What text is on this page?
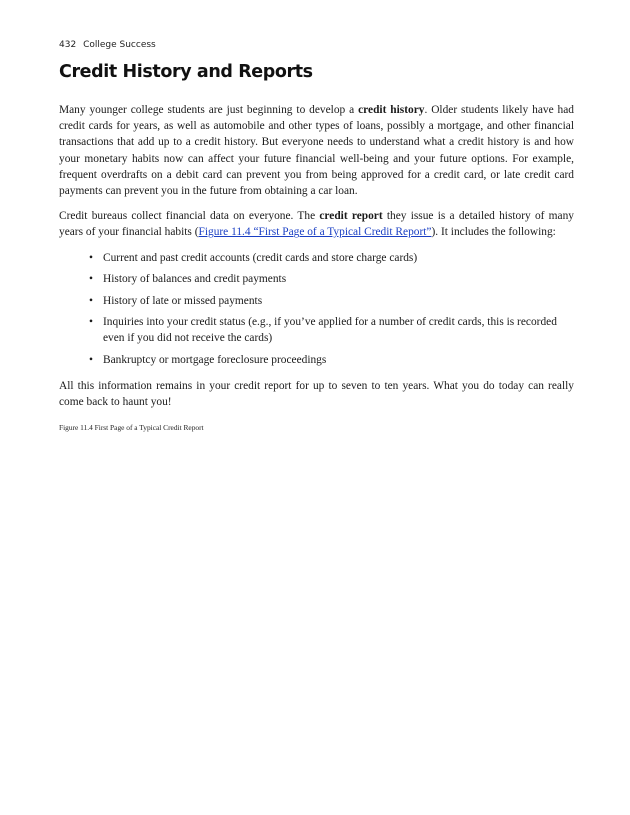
432 College Success
Credit History and Reports

Many younger college students are just beginning to develop a credit history. Older students likely have had credit cards for years, as well as automobile and other types of loans, possibly a mortgage, and other financial transactions that add up to a credit history. But everyone needs to understand what a credit history is and how your monetary habits now can affect your future financial well-being and your future options. For example, frequent overdrafts on a debit card can prevent you from being approved for a credit card, or late credit card payments can prevent you in the future from obtaining a car loan.

Credit bureaus collect financial data on everyone. The credit report they issue is a detailed history of many years of your financial habits (Figure 11.4 “First Page of a Typical Credit Report”). It includes the following:

• Current and past credit accounts (credit cards and store charge cards)
• History of balances and credit payments
• History of late or missed payments
• Inquiries into your credit status (e.g., if you’ve applied for a number of credit cards, this is recorded even if you did not receive the cards)
• Bankruptcy or mortgage foreclosure proceedings

All this information remains in your credit report for up to seven to ten years. What you do today can really come back to haunt you!

Figure 11.4 First Page of a Typical Credit Report
